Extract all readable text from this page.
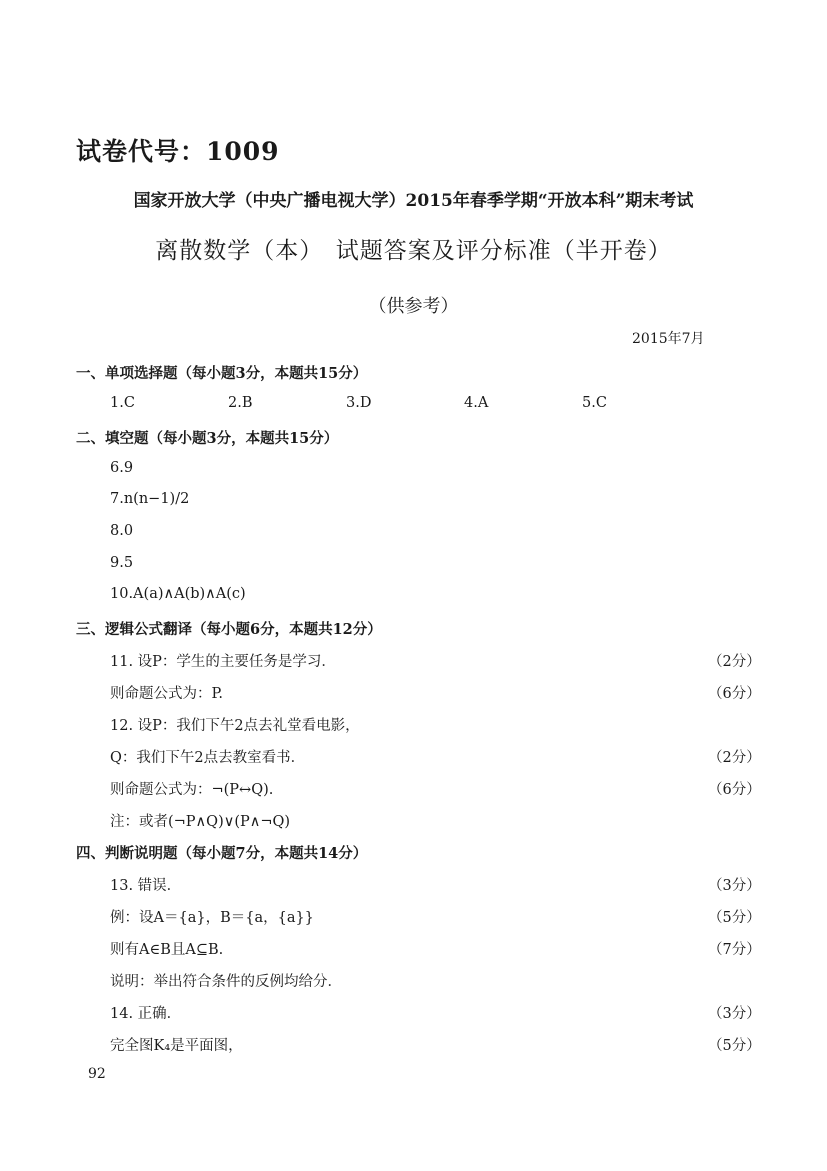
试卷代号：1009
国家开放大学（中央广播电视大学）2015年春季学期“开放本科”期末考试
离散数学（本）　试题答案及评分标准（半开卷）
（供参考）
2015年7月
一、单项选择题（每小题3分，本题共15分）
1.C	2.B	3.D	4.A	5.C
二、填空题（每小题3分，本题共15分）
6.9
7.n(n−1)/2
8.0
9.5
10.A(a)∧A(b)∧A(c)
三、逻辑公式翻译（每小题6分，本题共12分）
11. 设P：学生的主要任务是学习．	（2分）
则命题公式为：P.	（6分）
12. 设P：我们下午2点去礼堂看电影，
Q：我们下午2点去教室看书．	（2分）
则命题公式为：¬(P↔Q).	（6分）
注：或者(¬P∧Q)∨(P∧¬Q)
四、判断说明题（每小题7分，本题共14分）
13. 错误．	（3分）
例：设A＝{a}，B＝{a，{a}}	（5分）
则有A∈B且A⊆B.	（7分）
说明：举出符合条件的反例均给分．
14. 正确．	（3分）
完全图K₄是平面图，	（5分）
92
